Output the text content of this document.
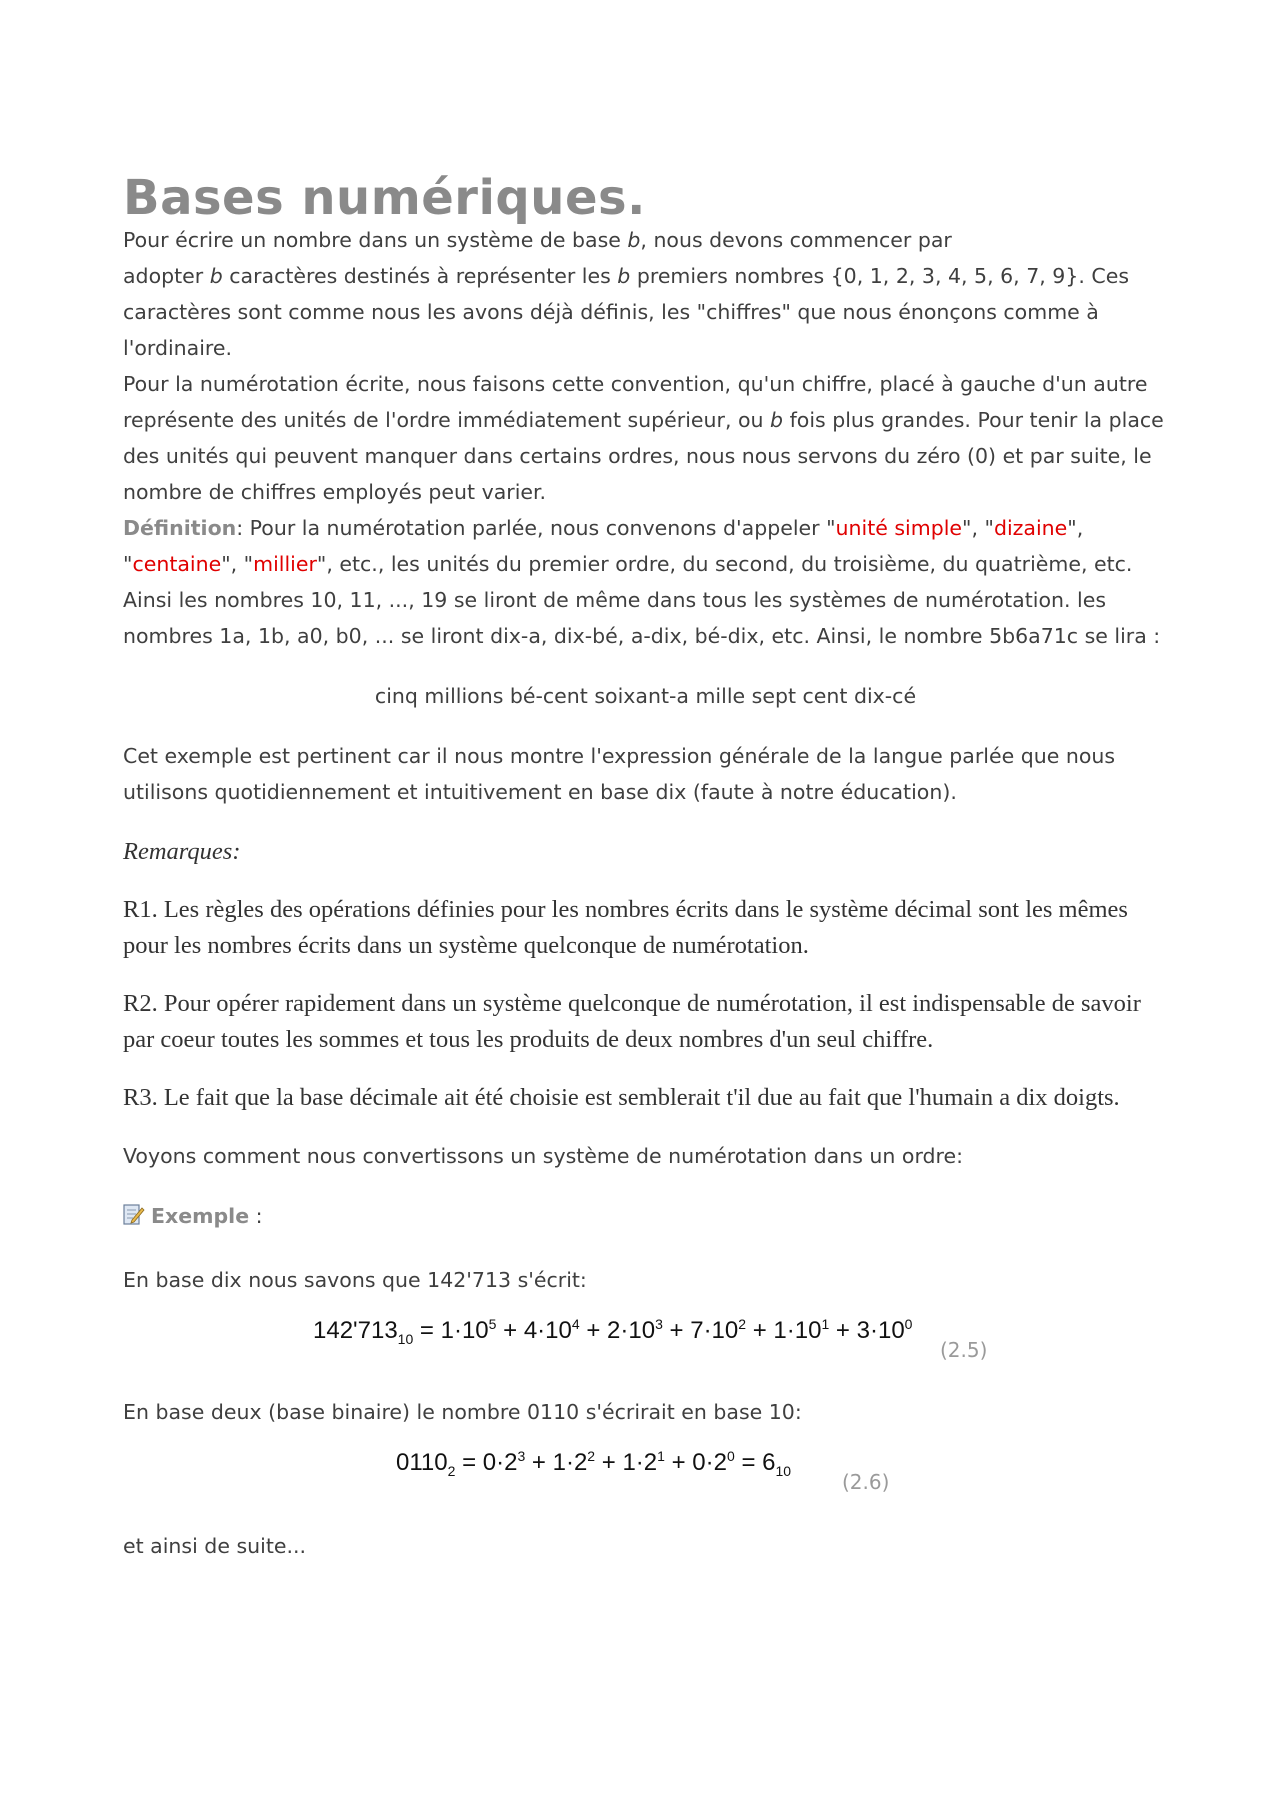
Bases numériques.

Pour écrire un nombre dans un système de base b, nous devons commencer par
adopter b caractères destinés à représenter les b premiers nombres {0, 1, 2, 3, 4, 5, 6, 7, 9}. Ces caractères sont comme nous les avons déjà définis, les "chiffres" que nous énonçons comme à l'ordinaire.

Pour la numérotation écrite, nous faisons cette convention, qu'un chiffre, placé à gauche d'un autre représente des unités de l'ordre immédiatement supérieur, ou b fois plus grandes. Pour tenir la place des unités qui peuvent manquer dans certains ordres, nous nous servons du zéro (0) et par suite, le nombre de chiffres employés peut varier.

Définition: Pour la numérotation parlée, nous convenons d'appeler "unité simple", "dizaine", "centaine", "millier", etc., les unités du premier ordre, du second, du troisième, du quatrième, etc. Ainsi les nombres 10, 11, ..., 19 se liront de même dans tous les systèmes de numérotation. les nombres 1a, 1b, a0, b0, ... se liront dix-a, dix-bé, a-dix, bé-dix, etc. Ainsi, le nombre 5b6a71c se lira :

cinq millions bé-cent soixant-a mille sept cent dix-cé

Cet exemple est pertinent car il nous montre l'expression générale de la langue parlée que nous utilisons quotidiennement et intuitivement en base dix (faute à notre éducation).

Remarques:

R1. Les règles des opérations définies pour les nombres écrits dans le système décimal sont les mêmes pour les nombres écrits dans un système quelconque de numérotation.

R2. Pour opérer rapidement dans un système quelconque de numérotation, il est indispensable de savoir par coeur toutes les sommes et tous les produits de deux nombres d'un seul chiffre.

R3. Le fait que la base décimale ait été choisie est semblerait t'il due au fait que l'humain a dix doigts.

Voyons comment nous convertissons un système de numérotation dans un ordre:

Exemple :

En base dix nous savons que 142'713 s'écrit:

$142'713_{10} = 1\cdot 10^5 + 4\cdot 10^4 + 2\cdot 10^3 + 7\cdot 10^2 + 1\cdot 10^1 + 3\cdot 10^0$
(2.5)

En base deux (base binaire) le nombre 0110 s'écrirait en base 10:

$0110_2 = 0\cdot 2^3 + 1\cdot 2^2 + 1\cdot 2^1 + 0\cdot 2^0 = 6_{10}$	(2.6)

et ainsi de suite...
